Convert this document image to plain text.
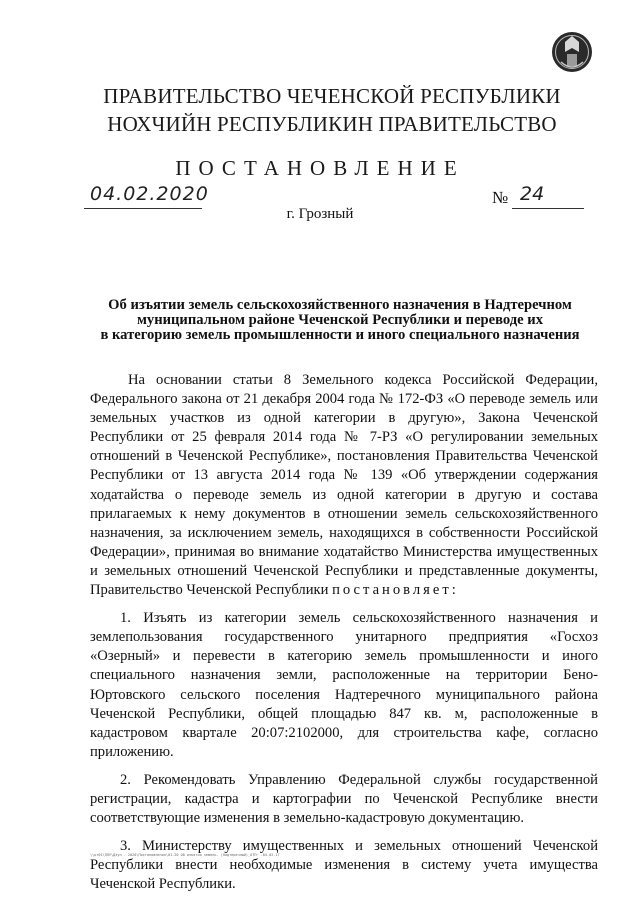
ПРАВИТЕЛЬСТВО ЧЕЧЕНСКОЙ РЕСПУБЛИКИ
НОХЧИЙН РЕСПУБЛИКИН ПРАВИТЕЛЬСТВО
ПОСТАНОВЛЕНИЕ
04.02.2020	№ 24
г. Грозный
Об изъятии земель сельскохозяйственного назначения в Надтеречном
муниципальном районе Чеченской Республики и переводе их
в категорию земель промышленности и иного специального назначения

На основании статьи 8 Земельного кодекса Российской Федерации, Федерального закона от 21 декабря 2004 года № 172-ФЗ «О переводе земель или земельных участков из одной категории в другую», Закона Чеченской Республики от 25 февраля 2014 года № 7-РЗ «О регулировании земельных отношений в Чеченской Республике», постановления Правительства Чеченской Республики от 13 августа 2014 года № 139 «Об утверждении содержания ходатайства о переводе земель из одной категории в другую и состава прилагаемых к нему документов в отношении земель сельскохозяйственного назначения, за исключением земель, находящихся в собственности Российской Федерации», принимая во внимание ходатайство Министерства имущественных и земельных отношений Чеченской Республики и представленные документы, Правительство Чеченской Республики постановляет:

1. Изъять из категории земель сельскохозяйственного назначения и землепользования государственного унитарного предприятия «Госхоз «Озерный» и перевести в категорию земель промышленности и иного специального назначения земли, расположенные на территории Бено-Юртовского сельского поселения Надтеречного муниципального района Чеченской Республики, общей площадью 847 кв. м, расположенные в кадастровом квартале 20:07:2102000, для строительства кафе, согласно приложению.

2. Рекомендовать Управлению Федеральной службы государственной регистрации, кадастра и картографии по Чеченской Республике внести соответствующие изменения в земельно-кадастровую документацию.

3. Министерству имущественных и земельных отношений Чеченской Республики внести необходимые изменения в систему учета имущества Чеченской Республики.

\\pr01\ЛПУ\Дзун - 2020\Постановления\01-20 Об изъятии земель. (Надтеречный)_ОТП~ .04.02.17
